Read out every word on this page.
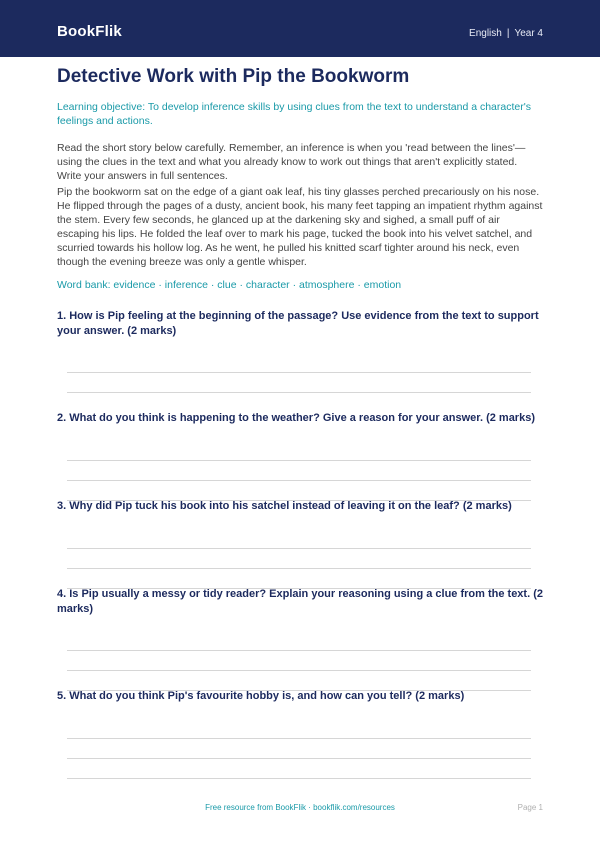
BookFlik	English | Year 4
Detective Work with Pip the Bookworm

Learning objective: To develop inference skills by using clues from the text to understand a character's feelings and actions.

Read the short story below carefully. Remember, an inference is when you 'read between the lines'—using the clues in the text and what you already know to work out things that aren't explicitly stated. Write your answers in full sentences.

Pip the bookworm sat on the edge of a giant oak leaf, his tiny glasses perched precariously on his nose. He flipped through the pages of a dusty, ancient book, his many feet tapping an impatient rhythm against the stem. Every few seconds, he glanced up at the darkening sky and sighed, a small puff of air escaping his lips. He folded the leaf over to mark his page, tucked the book into his velvet satchel, and scurried towards his hollow log. As he went, he pulled his knitted scarf tighter around his neck, even though the evening breeze was only a gentle whisper.

Word bank: evidence · inference · clue · character · atmosphere · emotion

1. How is Pip feeling at the beginning of the passage? Use evidence from the text to support your answer. (2 marks)

2. What do you think is happening to the weather? Give a reason for your answer. (2 marks)

3. Why did Pip tuck his book into his satchel instead of leaving it on the leaf? (2 marks)

4. Is Pip usually a messy or tidy reader? Explain your reasoning using a clue from the text. (2 marks)

5. What do you think Pip's favourite hobby is, and how can you tell? (2 marks)

Free resource from BookFlik · bookflik.com/resources	Page 1
